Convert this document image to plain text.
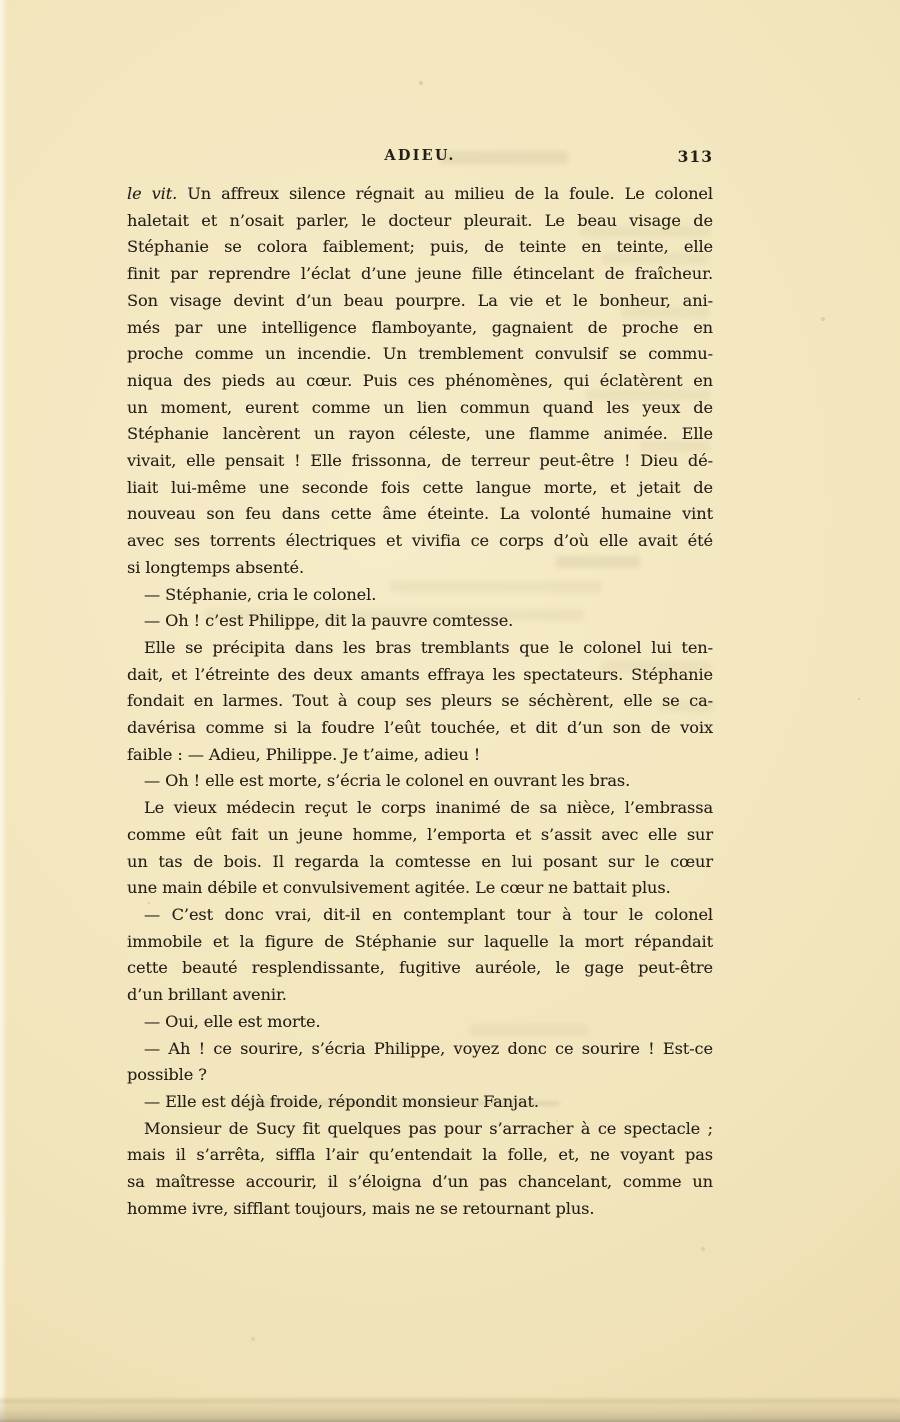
ADIEU.	313
le vit. Un affreux silence régnait au milieu de la foule. Le colonel
haletait et n’osait parler, le docteur pleurait. Le beau visage de
Stéphanie se colora faiblement; puis, de teinte en teinte, elle
finit par reprendre l’éclat d’une jeune fille étincelant de fraîcheur.
Son visage devint d’un beau pourpre. La vie et le bonheur, ani-
més par une intelligence flamboyante, gagnaient de proche en
proche comme un incendie. Un tremblement convulsif se commu-
niqua des pieds au cœur. Puis ces phénomènes, qui éclatèrent en
un moment, eurent comme un lien commun quand les yeux de
Stéphanie lancèrent un rayon céleste, une flamme animée. Elle
vivait, elle pensait ! Elle frissonna, de terreur peut-être ! Dieu dé-
liait lui-même une seconde fois cette langue morte, et jetait de
nouveau son feu dans cette âme éteinte. La volonté humaine vint
avec ses torrents électriques et vivifia ce corps d’où elle avait été
si longtemps absenté.
— Stéphanie, cria le colonel.
— Oh ! c’est Philippe, dit la pauvre comtesse.
Elle se précipita dans les bras tremblants que le colonel lui ten-
dait, et l’étreinte des deux amants effraya les spectateurs. Stéphanie
fondait en larmes. Tout à coup ses pleurs se séchèrent, elle se ca-
davérisa comme si la foudre l’eût touchée, et dit d’un son de voix
faible : — Adieu, Philippe. Je t’aime, adieu !
— Oh ! elle est morte, s’écria le colonel en ouvrant les bras.
Le vieux médecin reçut le corps inanimé de sa nièce, l’embrassa
comme eût fait un jeune homme, l’emporta et s’assit avec elle sur
un tas de bois. Il regarda la comtesse en lui posant sur le cœur
une main débile et convulsivement agitée. Le cœur ne battait plus.
— C’est donc vrai, dit-il en contemplant tour à tour le colonel
immobile et la figure de Stéphanie sur laquelle la mort répandait
cette beauté resplendissante, fugitive auréole, le gage peut-être
d’un brillant avenir.
— Oui, elle est morte.
— Ah ! ce sourire, s’écria Philippe, voyez donc ce sourire ! Est-ce
possible ?
— Elle est déjà froide, répondit monsieur Fanjat.
Monsieur de Sucy fit quelques pas pour s’arracher à ce spectacle ;
mais il s’arrêta, siffla l’air qu’entendait la folle, et, ne voyant pas
sa maîtresse accourir, il s’éloigna d’un pas chancelant, comme un
homme ivre, sifflant toujours, mais ne se retournant plus.
